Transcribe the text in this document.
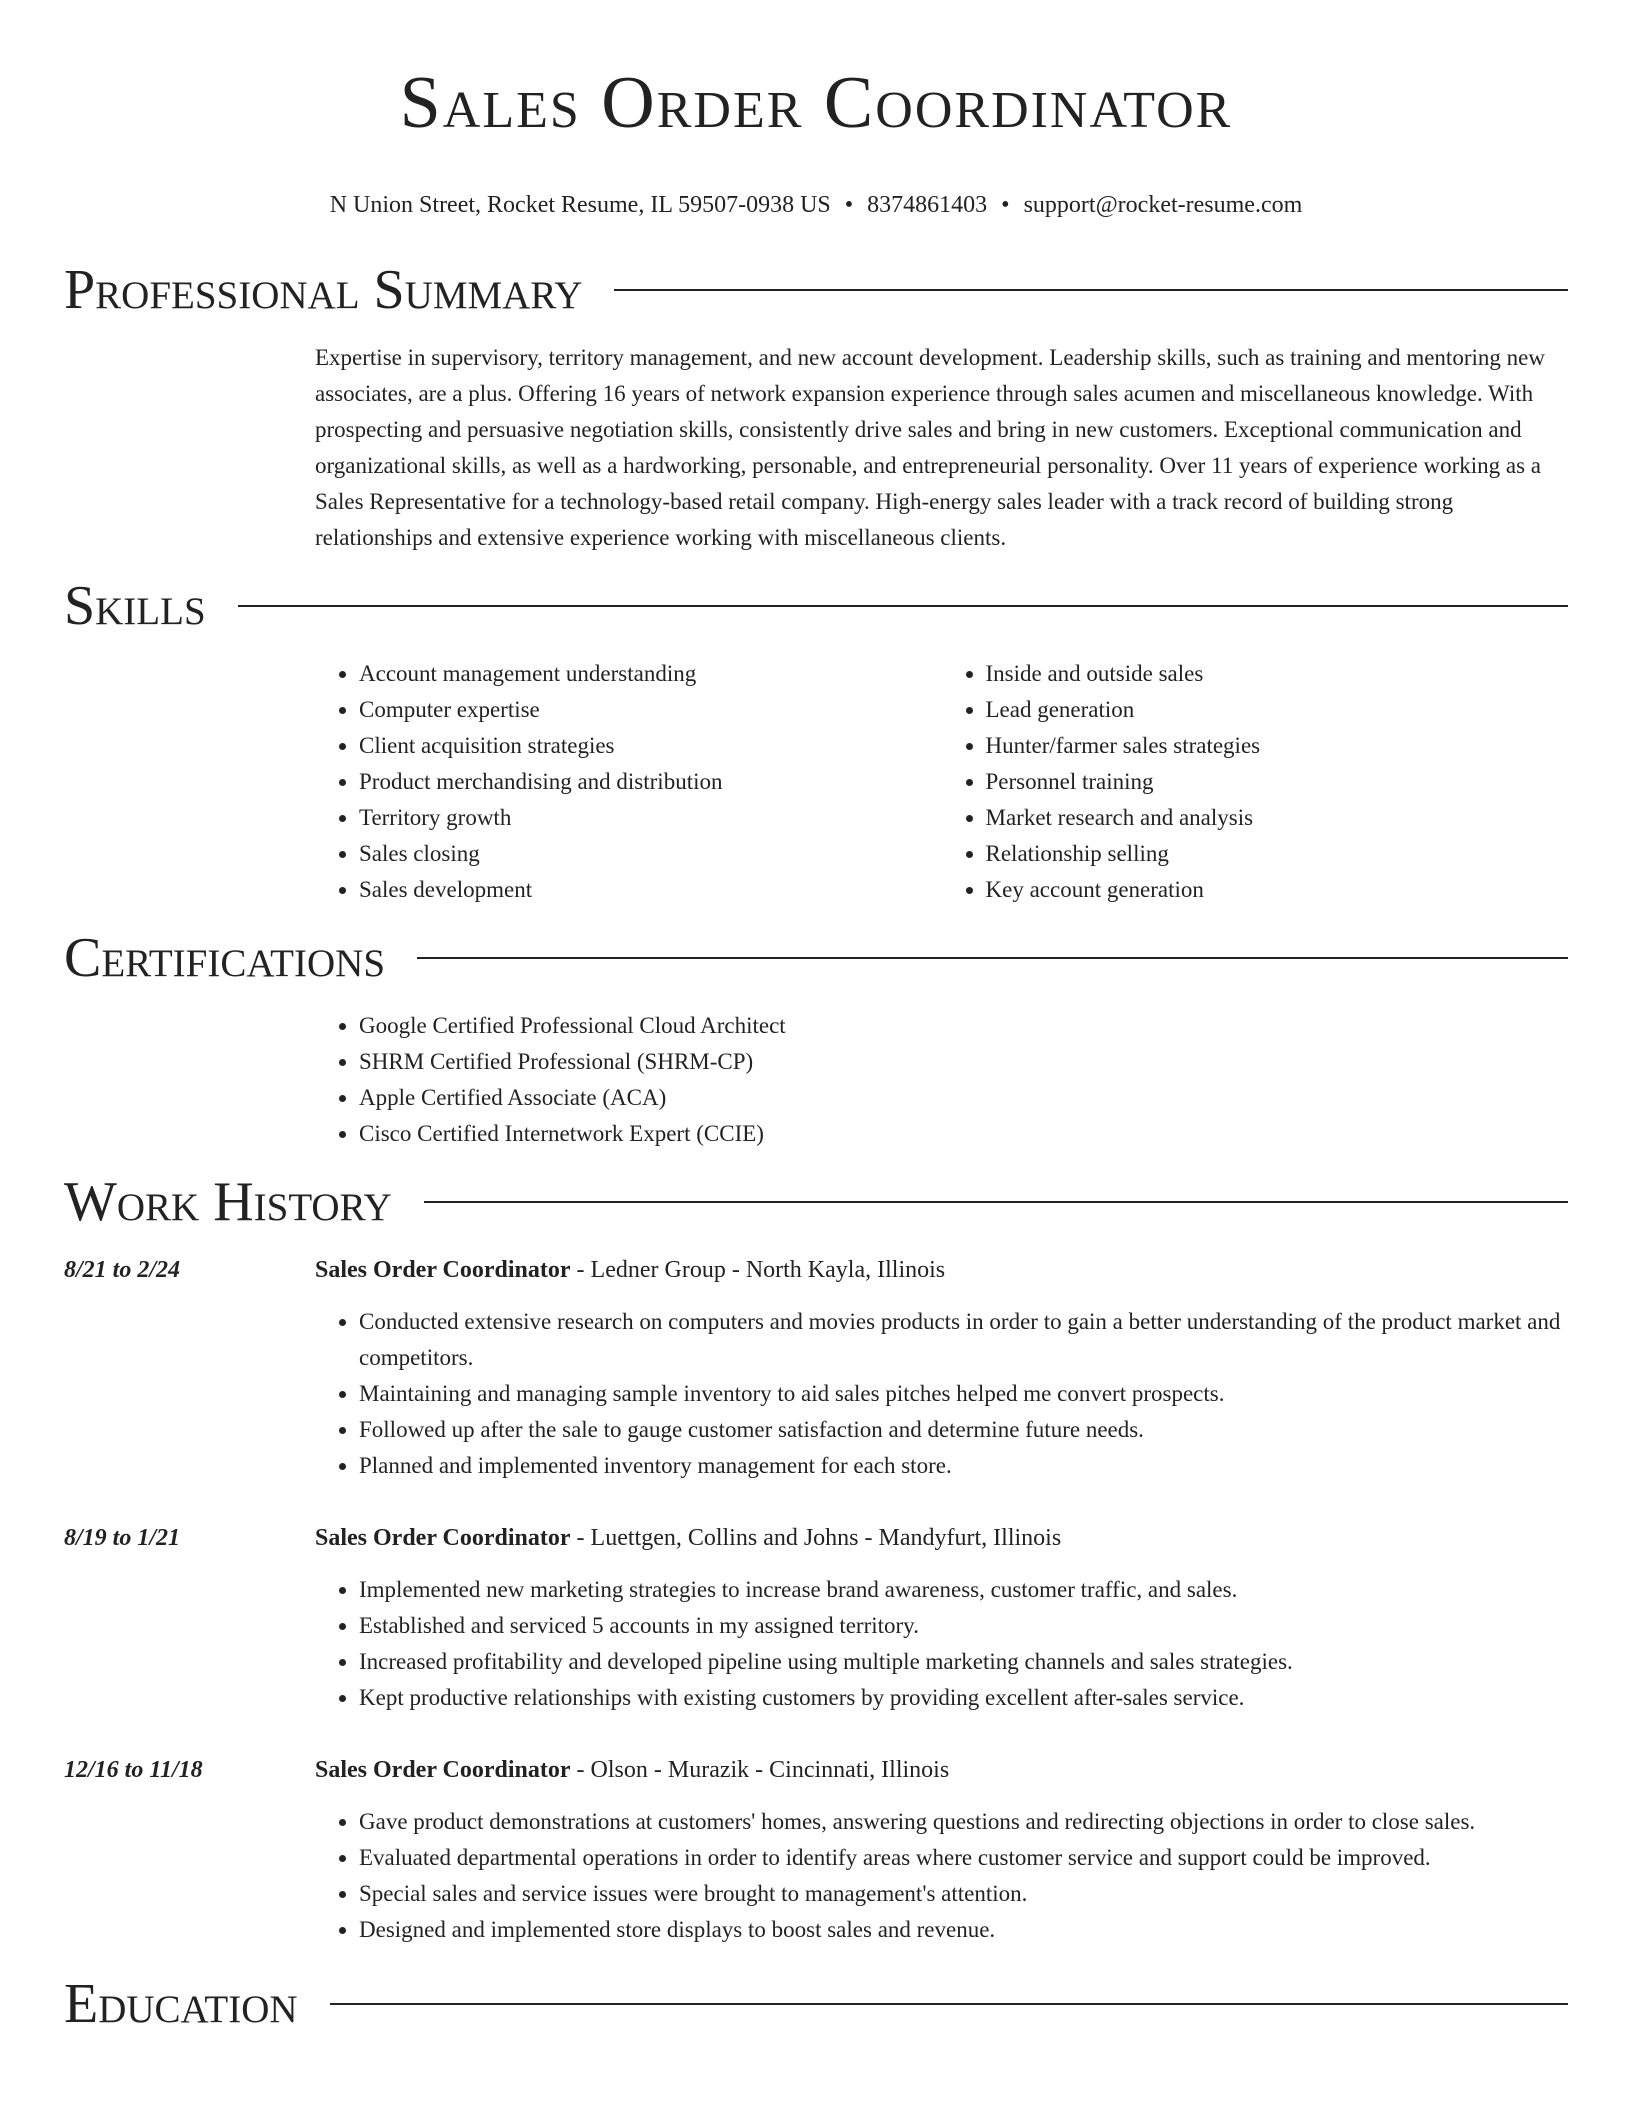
Sales Order Coordinator
N Union Street, Rocket Resume, IL 59507-0938 US • 8374861403 • support@rocket-resume.com
Professional Summary
Expertise in supervisory, territory management, and new account development. Leadership skills, such as training and mentoring new associates, are a plus. Offering 16 years of network expansion experience through sales acumen and miscellaneous knowledge. With prospecting and persuasive negotiation skills, consistently drive sales and bring in new customers. Exceptional communication and organizational skills, as well as a hardworking, personable, and entrepreneurial personality. Over 11 years of experience working as a Sales Representative for a technology-based retail company. High-energy sales leader with a track record of building strong relationships and extensive experience working with miscellaneous clients.
Skills
• Account management understanding
• Computer expertise
• Client acquisition strategies
• Product merchandising and distribution
• Territory growth
• Sales closing
• Sales development
• Inside and outside sales
• Lead generation
• Hunter/farmer sales strategies
• Personnel training
• Market research and analysis
• Relationship selling
• Key account generation
Certifications
• Google Certified Professional Cloud Architect
• SHRM Certified Professional (SHRM-CP)
• Apple Certified Associate (ACA)
• Cisco Certified Internetwork Expert (CCIE)
Work History
8/21 to 2/24	Sales Order Coordinator - Ledner Group - North Kayla, Illinois
• Conducted extensive research on computers and movies products in order to gain a better understanding of the product market and competitors.
• Maintaining and managing sample inventory to aid sales pitches helped me convert prospects.
• Followed up after the sale to gauge customer satisfaction and determine future needs.
• Planned and implemented inventory management for each store.
8/19 to 1/21	Sales Order Coordinator - Luettgen, Collins and Johns - Mandyfurt, Illinois
• Implemented new marketing strategies to increase brand awareness, customer traffic, and sales.
• Established and serviced 5 accounts in my assigned territory.
• Increased profitability and developed pipeline using multiple marketing channels and sales strategies.
• Kept productive relationships with existing customers by providing excellent after-sales service.
12/16 to 11/18	Sales Order Coordinator - Olson - Murazik - Cincinnati, Illinois
• Gave product demonstrations at customers' homes, answering questions and redirecting objections in order to close sales.
• Evaluated departmental operations in order to identify areas where customer service and support could be improved.
• Special sales and service issues were brought to management's attention.
• Designed and implemented store displays to boost sales and revenue.
Education
